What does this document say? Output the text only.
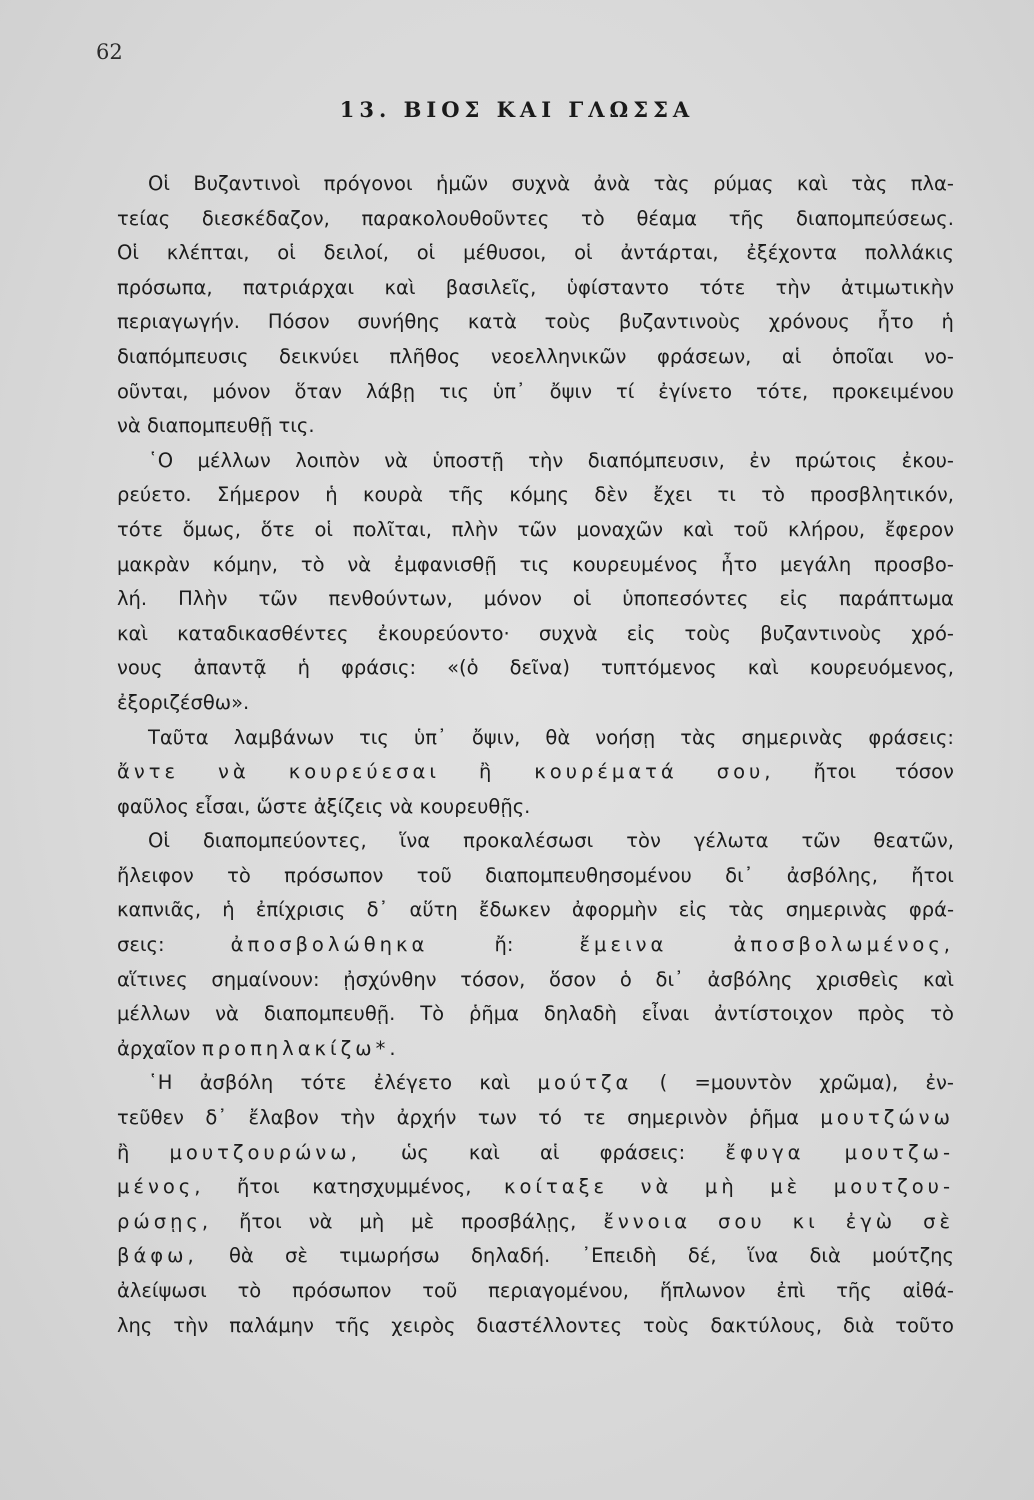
62
13. ΒΙΟΣ ΚΑΙ ΓΛΩΣΣΑ
Οἱ Βυζαντινοὶ πρόγονοι ἡμῶν συχνὰ ἀνὰ τὰς ρύμας καὶ τὰς πλα-
τείας διεσκέδαζον, παρακολουθοῦντες τὸ θέαμα τῆς διαπομπεύσεως.
Οἱ κλέπται, οἱ δειλοί, οἱ μέθυσοι, οἱ ἀντάρται, ἐξέχοντα πολλάκις
πρόσωπα, πατριάρχαι καὶ βασιλεῖς, ὑφίσταντο τότε τὴν ἀτιμωτικὴν
περιαγωγήν. Πόσον συνήθης κατὰ τοὺς βυζαντινοὺς χρόνους ἦτο ἡ
διαπόμπευσις δεικνύει πλῆθος νεοελληνικῶν φράσεων, αἱ ὁποῖαι νο-
οῦνται, μόνον ὅταν λάβῃ τις ὑπ᾽ ὄψιν τί ἐγίνετο τότε, προκειμένου
νὰ διαπομπευθῇ τις.
῾Ο μέλλων λοιπὸν νὰ ὑποστῇ τὴν διαπόμπευσιν, ἐν πρώτοις ἐκου-
ρεύετο. Σήμερον ἡ κουρὰ τῆς κόμης δὲν ἔχει τι τὸ προσβλητικόν,
τότε ὅμως, ὅτε οἱ πολῖται, πλὴν τῶν μοναχῶν καὶ τοῦ κλήρου, ἔφερον
μακρὰν κόμην, τὸ νὰ ἐμφανισθῇ τις κουρευμένος ἦτο μεγάλη προσβο-
λή. Πλὴν τῶν πενθούντων, μόνον οἱ ὑποπεσόντες εἰς παράπτωμα
καὶ καταδικασθέντες ἐκουρεύοντο· συχνὰ εἰς τοὺς βυζαντινοὺς χρό-
νους ἀπαντᾷ ἡ φράσις: «(ὁ δεῖνα) τυπτόμενος καὶ κουρευόμενος,
ἐξοριζέσθω».
Ταῦτα λαμβάνων τις ὑπ᾽ ὄψιν, θὰ νοήσῃ τὰς σημερινὰς φράσεις:
ἄντε νὰ κουρεύεσαι ἢ κουρέματά σου, ἤτοι τόσον
φαῦλος εἶσαι, ὥστε ἀξίζεις νὰ κουρευθῇς.
Οἱ διαπομπεύοντες, ἵνα προκαλέσωσι τὸν γέλωτα τῶν θεατῶν,
ἤλειφον τὸ πρόσωπον τοῦ διαπομπευθησομένου δι᾽ ἀσβόλης, ἤτοι
καπνιᾶς, ἡ ἐπίχρισις δ᾽ αὕτη ἔδωκεν ἀφορμὴν εἰς τὰς σημερινὰς φρά-
σεις:	ἀποσβολώθηκα	ἤ:	ἔμεινα	ἀποσβολωμένος,
αἵτινες σημαίνουν: ᾐσχύνθην τόσον, ὅσον ὁ δι᾽ ἀσβόλης χρισθεὶς καὶ
μέλλων νὰ διαπομπευθῇ. Τὸ ῥῆμα δηλαδὴ εἶναι ἀντίστοιχον πρὸς τὸ
ἀρχαῖον προπηλακίζω*.
῾Η ἀσβόλη τότε ἐλέγετο καὶ μούτζα ( =μουντὸν χρῶμα), ἐν-
τεῦθεν δ᾽ ἔλαβον τὴν ἀρχήν των τό τε σημερινὸν ῥῆμα μουτζώνω
ἢ μουτζουρώνω, ὡς καὶ αἱ φράσεις: ἔφυγα μουτζω-
μένος, ἤτοι κατησχυμμένος, κοίταξε νὰ μὴ μὲ μουτζου-
ρώσῃς, ἤτοι νὰ μὴ μὲ προσβάλῃς, ἔννοια σου κι ἐγὼ σὲ
βάφω, θὰ σὲ τιμωρήσω δηλαδή. ᾽Επειδὴ δέ, ἵνα διὰ μούτζης
ἀλείψωσι τὸ πρόσωπον τοῦ περιαγομένου, ἥπλωνον ἐπὶ τῆς αἰθά-
λης τὴν παλάμην τῆς χειρὸς διαστέλλοντες τοὺς δακτύλους, διὰ τοῦτο
